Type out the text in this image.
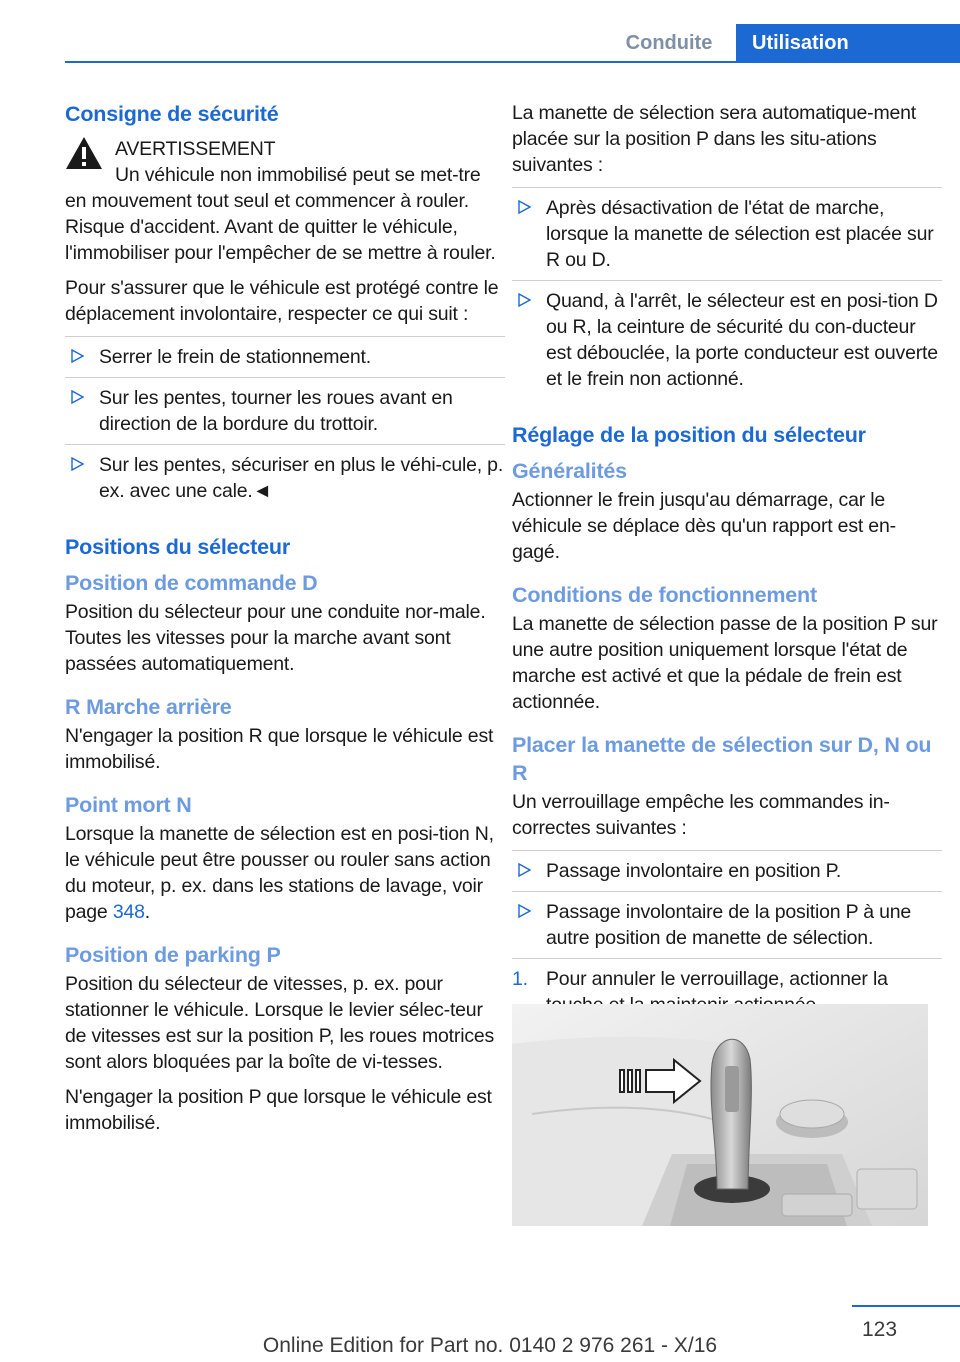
Conduite	Utilisation
Consigne de sécurité
AVERTISSEMENT

Un véhicule non immobilisé peut se met-tre en mouvement tout seul et commencer à rouler. Risque d'accident. Avant de quitter le véhicule, l'immobiliser pour l'empêcher de se mettre à rouler.

Pour s'assurer que le véhicule est protégé contre le déplacement involontaire, respecter ce qui suit :

Serrer le frein de stationnement.
Sur les pentes, tourner les roues avant en direction de la bordure du trottoir.
Sur les pentes, sécuriser en plus le véhi-cule, p. ex. avec une cale.◄
Positions du sélecteur
Position de commande D

Position du sélecteur pour une conduite nor-male. Toutes les vitesses pour la marche avant sont passées automatiquement.

R Marche arrière

N'engager la position R que lorsque le véhicule est immobilisé.

Point mort N

Lorsque la manette de sélection est en posi-tion N, le véhicule peut être pousser ou rouler sans action du moteur, p. ex. dans les stations de lavage, voir page 348.

Position de parking P

Position du sélecteur de vitesses, p. ex. pour stationner le véhicule. Lorsque le levier sélec-teur de vitesses est sur la position P, les roues motrices sont alors bloquées par la boîte de vi-tesses.

N'engager la position P que lorsque le véhicule est immobilisé.

La manette de sélection sera automatique-ment placée sur la position P dans les situ-ations suivantes :

Après désactivation de l'état de marche, lorsque la manette de sélection est placée sur R ou D.
Quand, à l'arrêt, le sélecteur est en posi-tion D ou R, la ceinture de sécurité du con-ducteur est débouclée, la porte conducteur est ouverte et le frein non actionné.
Réglage de la position du sélecteur
Généralités

Actionner le frein jusqu'au démarrage, car le véhicule se déplace dès qu'un rapport est en-gagé.

Conditions de fonctionnement

La manette de sélection passe de la position P sur une autre position uniquement lorsque l'état de marche est activé et que la pédale de frein est actionnée.

Placer la manette de sélection sur D, N ou R

Un verrouillage empêche les commandes in-correctes suivantes :

Passage involontaire en position P.
Passage involontaire de la position P à une autre position de manette de sélection.
1. Pour annuler le verrouillage, actionner la
123
Online Edition for Part no. 0140 2 976 261 - X/16
